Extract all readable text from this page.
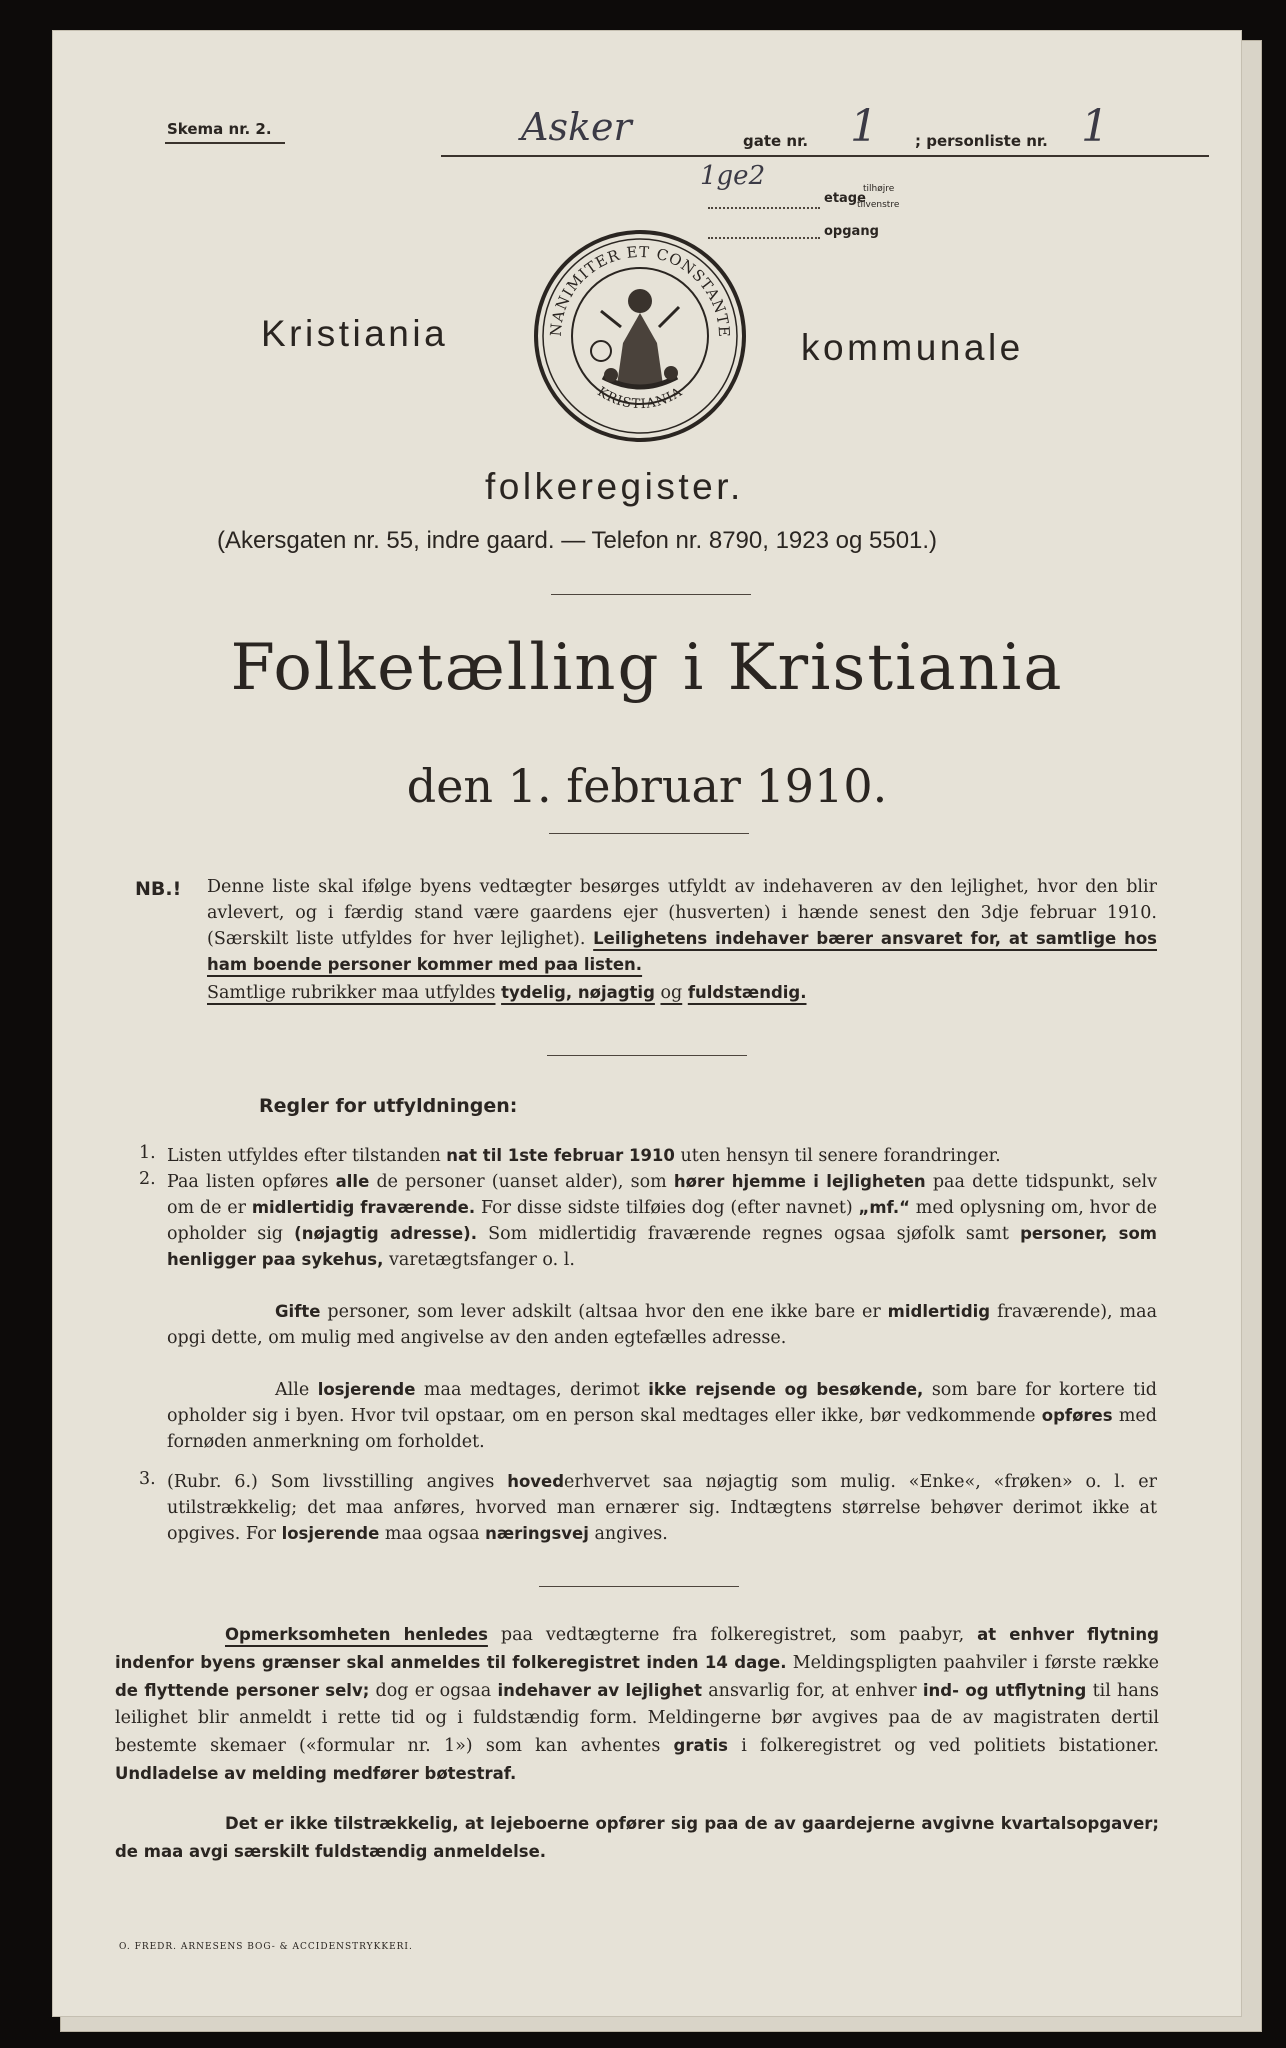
Skema nr. 2.	Asker	gate nr. 1 ; personliste nr. 1
1ge2
etage
tilhøjre
tilvenstre
opgang
Kristiania	NANIMITER ET CONSTANTE
KRISTIANIA
kommunale
folkeregister.
(Akersgaten nr. 55, indre gaard. — Telefon nr. 8790, 1923 og 5501.)
Folketælling i Kristiania
den 1. februar 1910.
NB.! Denne liste skal ifølge byens vedtægter besørges utfyldt av indehaveren av den lejlighet, hvor den blir avlevert, og i færdig stand være gaardens ejer (husverten) i hænde senest den 3dje februar 1910. (Særskilt liste utfyldes for hver lejlighet). Leilighetens indehaver bærer ansvaret for, at samtlige hos ham boende personer kommer med paa listen.
Samtlige rubrikker maa utfyldes tydelig, nøjagtig og fuldstændig.
Regler for utfyldningen:
1. Listen utfyldes efter tilstanden nat til 1ste februar 1910 uten hensyn til senere forandringer.
2. Paa listen opføres alle de personer (uanset alder), som hører hjemme i lejligheten paa dette tidspunkt, selv om de er midlertidig fraværende. For disse sidste tilføies dog (efter navnet) „mf.“ med oplysning om, hvor de opholder sig (nøjagtig adresse). Som midlertidig fraværende regnes ogsaa sjøfolk samt personer, som henligger paa sykehus, varetægtsfanger o. l.
Gifte personer, som lever adskilt (altsaa hvor den ene ikke bare er midlertidig fraværende), maa opgi dette, om mulig med angivelse av den anden egtefælles adresse.
Alle losjerende maa medtages, derimot ikke rejsende og besøkende, som bare for kortere tid opholder sig i byen. Hvor tvil opstaar, om en person skal medtages eller ikke, bør vedkommende opføres med fornøden anmerkning om forholdet.
3. (Rubr. 6.) Som livsstilling angives hovederhvervet saa nøjagtig som mulig. «Enke«, «frøken» o. l. er utilstrækkelig; det maa anføres, hvorved man ernærer sig. Indtægtens størrelse behøver derimot ikke at opgives. For losjerende maa ogsaa næringsvej angives.
Opmerksomheten henledes paa vedtægterne fra folkeregistret, som paabyr, at enhver flytning indenfor byens grænser skal anmeldes til folkeregistret inden 14 dage. Meldingspligten paahviler i første række de flyttende personer selv; dog er ogsaa indehaver av lejlighet ansvarlig for, at enhver ind- og utflytning til hans leilighet blir anmeldt i rette tid og i fuldstændig form. Meldingerne bør avgives paa de av magistraten dertil bestemte skemaer («formular nr. 1») som kan avhentes gratis i folkeregistret og ved politiets bistationer. Undladelse av melding medfører bøtestraf.
Det er ikke tilstrækkelig, at lejeboerne opfører sig paa de av gaardejerne avgivne kvartalsopgaver; de maa avgi særskilt fuldstændig anmeldelse.
O. FREDR. ARNESENS BOG- & ACCIDENSTRYKKERI.
